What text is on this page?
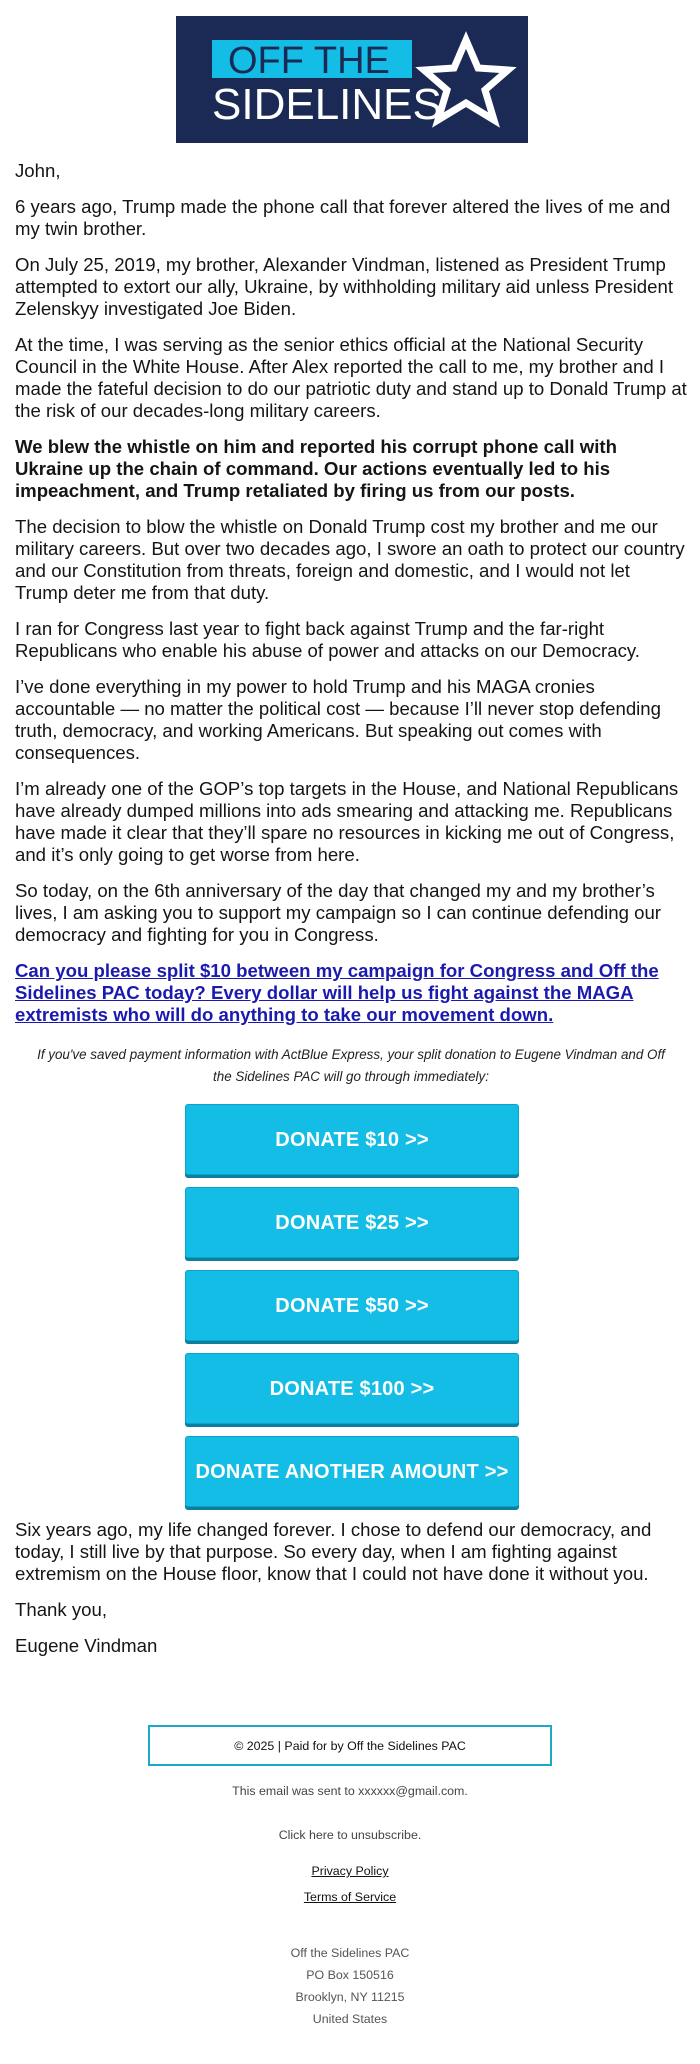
OFF THE
SIDELINES

John,

6 years ago, Trump made the phone call that forever altered the lives of me and my twin brother.

On July 25, 2019, my brother, Alexander Vindman, listened as President Trump attempted to extort our ally, Ukraine, by withholding military aid unless President Zelenskyy investigated Joe Biden.

At the time, I was serving as the senior ethics official at the National Security Council in the White House. After Alex reported the call to me, my brother and I made the fateful decision to do our patriotic duty and stand up to Donald Trump at the risk of our decades-long military careers.

We blew the whistle on him and reported his corrupt phone call with Ukraine up the chain of command. Our actions eventually led to his impeachment, and Trump retaliated by firing us from our posts.

The decision to blow the whistle on Donald Trump cost my brother and me our military careers. But over two decades ago, I swore an oath to protect our country and our Constitution from threats, foreign and domestic, and I would not let Trump deter me from that duty.

I ran for Congress last year to fight back against Trump and the far-right Republicans who enable his abuse of power and attacks on our Democracy.

I’ve done everything in my power to hold Trump and his MAGA cronies accountable — no matter the political cost — because I’ll never stop defending truth, democracy, and working Americans. But speaking out comes with consequences.

I’m already one of the GOP’s top targets in the House, and National Republicans have already dumped millions into ads smearing and attacking me. Republicans have made it clear that they’ll spare no resources in kicking me out of Congress, and it’s only going to get worse from here.

So today, on the 6th anniversary of the day that changed my and my brother’s lives, I am asking you to support my campaign so I can continue defending our democracy and fighting for you in Congress.

Can you please split $10 between my campaign for Congress and Off the Sidelines PAC today? Every dollar will help us fight against the MAGA extremists who will do anything to take our movement down.

If you've saved payment information with ActBlue Express, your split donation to Eugene Vindman and Off the Sidelines PAC will go through immediately:
DONATE $10 >>
DONATE $25 >>
DONATE $50 >>
DONATE $100 >>
DONATE ANOTHER AMOUNT >>

Six years ago, my life changed forever. I chose to defend our democracy, and today, I still live by that purpose. So every day, when I am fighting against extremism on the House floor, know that I could not have done it without you.

Thank you,

Eugene Vindman

© 2025 | Paid for by Off the Sidelines PAC
This email was sent to xxxxxx@gmail.com.
Click here to unsubscribe.
Privacy Policy
Terms of Service
Off the Sidelines PAC
PO Box 150516
Brooklyn, NY 11215
United States
